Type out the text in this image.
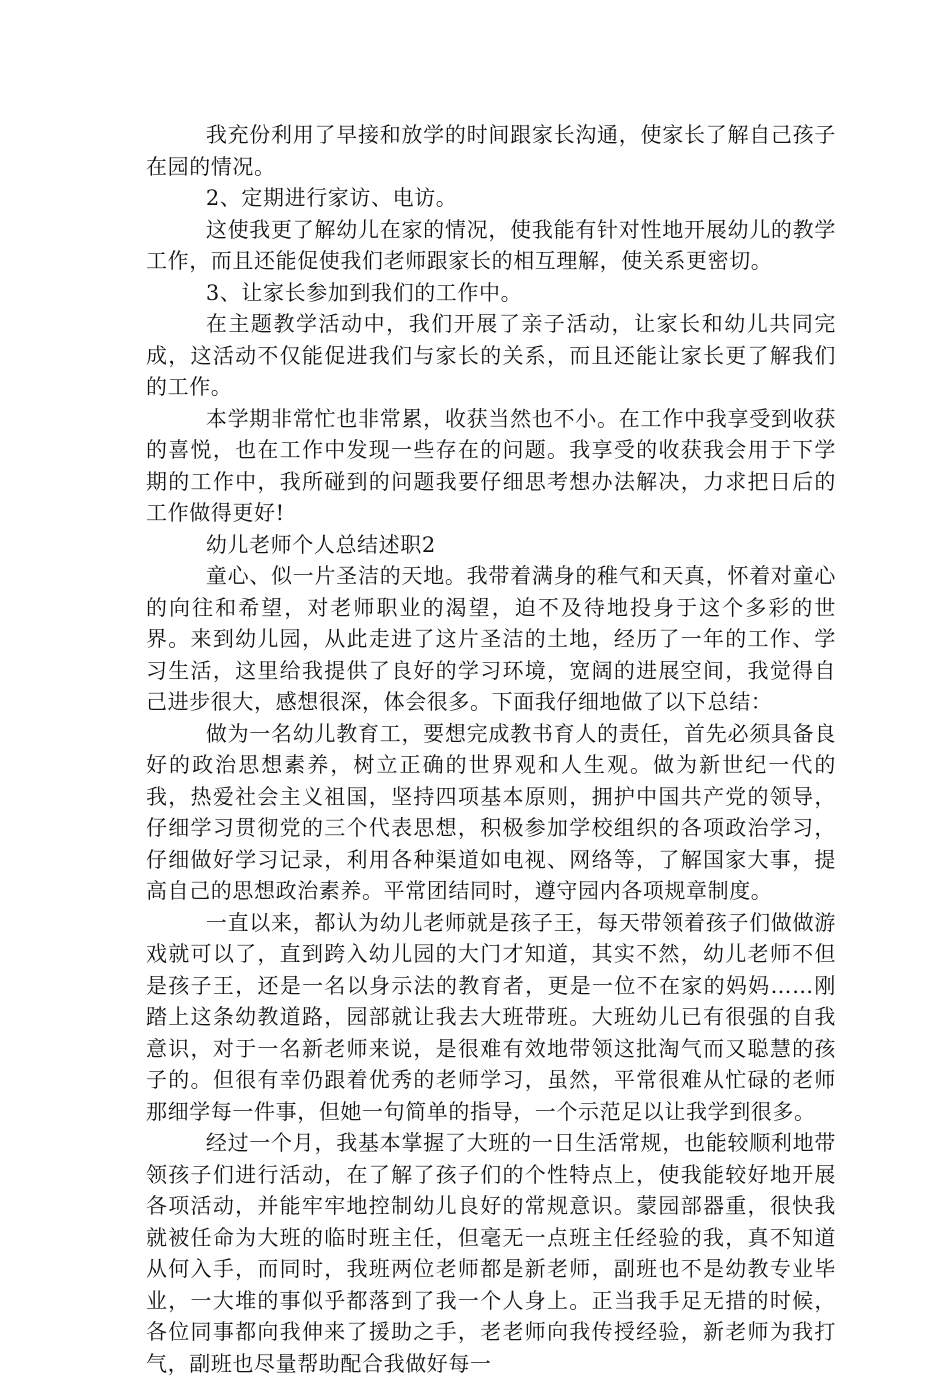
我充份利用了早接和放学的时间跟家长沟通，使家长了解自己孩子在园的情况。

2、定期进行家访、电访。

这使我更了解幼儿在家的情况，使我能有针对性地开展幼儿的教学工作，而且还能促使我们老师跟家长的相互理解，使关系更密切。

3、让家长参加到我们的工作中。

在主题教学活动中，我们开展了亲子活动，让家长和幼儿共同完成，这活动不仅能促进我们与家长的关系，而且还能让家长更了解我们的工作。

本学期非常忙也非常累，收获当然也不小。在工作中我享受到收获的喜悦，也在工作中发现一些存在的问题。我享受的收获我会用于下学期的工作中，我所碰到的问题我要仔细思考想办法解决，力求把日后的工作做得更好!

幼儿老师个人总结述职2

童心、似一片圣洁的天地。我带着满身的稚气和天真，怀着对童心的向往和希望，对老师职业的渴望，迫不及待地投身于这个多彩的世界。来到幼儿园，从此走进了这片圣洁的土地，经历了一年的工作、学习生活，这里给我提供了良好的学习环境，宽阔的进展空间，我觉得自己进步很大，感想很深，体会很多。下面我仔细地做了以下总结：

做为一名幼儿教育工，要想完成教书育人的责任，首先必须具备良好的政治思想素养，树立正确的世界观和人生观。做为新世纪一代的我，热爱社会主义祖国，坚持四项基本原则，拥护中国共产党的领导，仔细学习贯彻党的三个代表思想，积极参加学校组织的各项政治学习，仔细做好学习记录，利用各种渠道如电视、网络等，了解国家大事，提高自己的思想政治素养。平常团结同时，遵守园内各项规章制度。

一直以来，都认为幼儿老师就是孩子王，每天带领着孩子们做做游戏就可以了，直到跨入幼儿园的大门才知道，其实不然，幼儿老师不但是孩子王，还是一名以身示法的教育者，更是一位不在家的妈妈……刚踏上这条幼教道路，园部就让我去大班带班。大班幼儿已有很强的自我意识，对于一名新老师来说，是很难有效地带领这批淘气而又聪慧的孩子的。但很有幸仍跟着优秀的老师学习，虽然，平常很难从忙碌的老师那细学每一件事，但她一句简单的指导，一个示范足以让我学到很多。

经过一个月，我基本掌握了大班的一日生活常规，也能较顺利地带领孩子们进行活动，在了解了孩子们的个性特点上，使我能较好地开展各项活动，并能牢牢地控制幼儿良好的常规意识。蒙园部器重，很快我就被任命为大班的临时班主任，但毫无一点班主任经验的我，真不知道从何入手，而同时，我班两位老师都是新老师，副班也不是幼教专业毕业，一大堆的事似乎都落到了我一个人身上。正当我手足无措的时候，各位同事都向我伸来了援助之手，老老师向我传授经验，新老师为我打气，副班也尽量帮助配合我做好每一
